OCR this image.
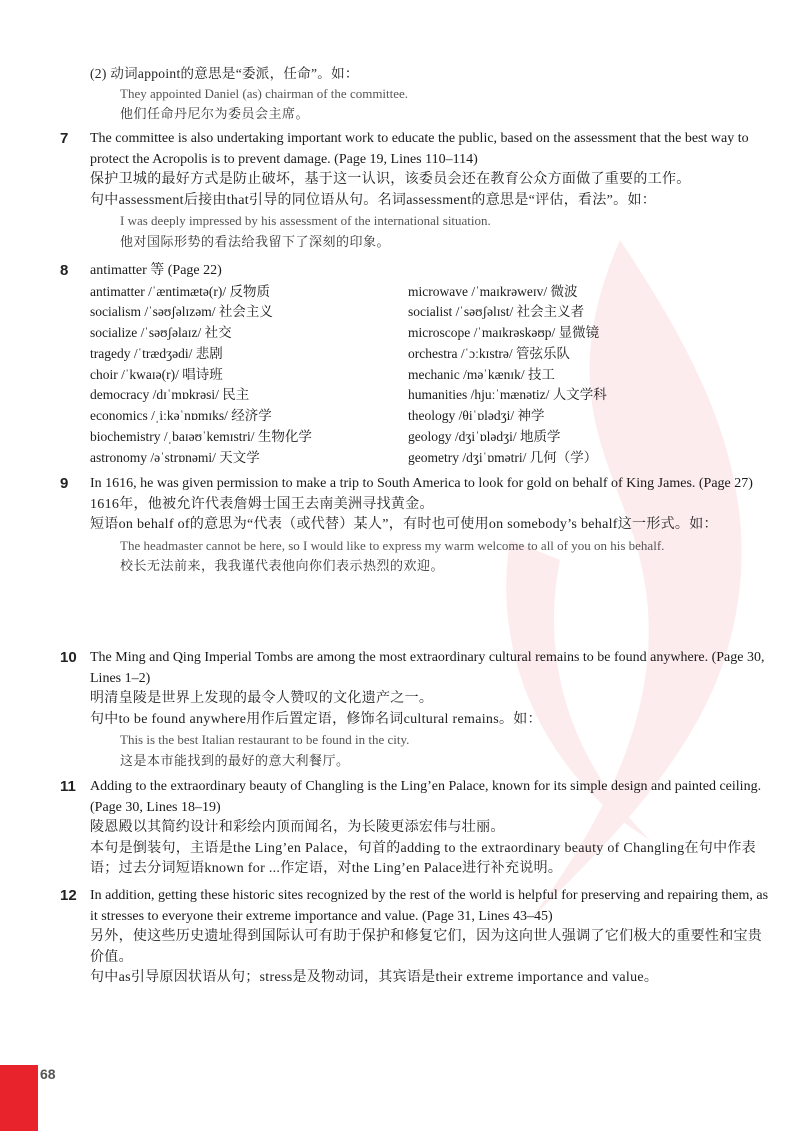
(2) 动词appoint的意思是“委派，任命”。如：
They appointed Daniel (as) chairman of the committee.
他们任命丹尼尔为委员会主席。
7	The committee is also undertaking important work to educate the public, based on the assessment that the best way to protect the Acropolis is to prevent damage. (Page 19, Lines 110–114)
保护卫城的最好方式是防止破坏，基于这一认识，该委员会还在教育公众方面做了重要的工作。
句中assessment后接由that引导的同位语从句。名词assessment的意思是“评估，看法”。如：
I was deeply impressed by his assessment of the international situation.
他对国际形势的看法给我留下了深刻的印象。
8	antimatter 等 (Page 22)
antimatter /ˈæntimætə(r)/ 反物质	microwave /ˈmaɪkrəweɪv/ 微波
socialism /ˈsəʊʃəlɪzəm/ 社会主义	socialist /ˈsəʊʃəlɪst/ 社会主义者
socialize /ˈsəʊʃəlaɪz/ 社交	microscope /ˈmaɪkrəskəʊp/ 显微镜
tragedy /ˈtrædʒədi/ 悲剧	orchestra /ˈɔːkɪstrə/ 管弦乐队
choir /ˈkwaɪə(r)/ 唱诗班	mechanic /məˈkænɪk/ 技工
democracy /dɪˈmɒkrəsi/ 民主	humanities /hjuːˈmænətiz/ 人文学科
economics /ˌiːkəˈnɒmɪks/ 经济学	theology /θiˈɒlədʒi/ 神学
biochemistry /ˌbaɪəʊˈkemɪstri/ 生物化学	geology /dʒiˈɒlədʒi/ 地质学
astronomy /əˈstrɒnəmi/ 天文学	geometry /dʒiˈɒmətri/ 几何（学）
9	In 1616, he was given permission to make a trip to South America to look for gold on behalf of King James. (Page 27)
1616年，他被允许代表詹姆士国王去南美洲寻找黄金。
短语on behalf of的意思为“代表（或代替）某人”，有时也可使用on somebody’s behalf这一形式。如：
The headmaster cannot be here, so I would like to express my warm welcome to all of you on his behalf.
校长无法前来，我我谨代表他向你们表示热烈的欢迎。
10 The Ming and Qing Imperial Tombs are among the most extraordinary cultural remains to be found anywhere. (Page 30, Lines 1–2)
明清皇陵是世界上发现的最令人赞叹的文化遗产之一。
句中to be found anywhere用作后置定语，修饰名词cultural remains。如：
This is the best Italian restaurant to be found in the city.
这是本市能找到的最好的意大利餐厅。
11	Adding to the extraordinary beauty of Changling is the Ling’en Palace, known for its simple design and painted ceiling. (Page 30, Lines 18–19)
陵恩殿以其简约设计和彩绘内顶而闻名，为长陵更添宏伟与壮丽。
本句是倒装句，主语是the Ling’en Palace，句首的adding to the extraordinary beauty of Changling在句中作表语；过去分词短语known for ...作定语，对the Ling’en Palace进行补充说明。
12 In addition, getting these historic sites recognized by the rest of the world is helpful for preserving and repairing them, as it stresses to everyone their extreme importance and value. (Page 31, Lines 43–45)
另外，使这些历史遗址得到国际认可有助于保护和修复它们，因为这向世人强调了它们极大的重要性和宝贵价值。
句中as引导原因状语从句；stress是及物动词，其宾语是their extreme importance and value。
68
